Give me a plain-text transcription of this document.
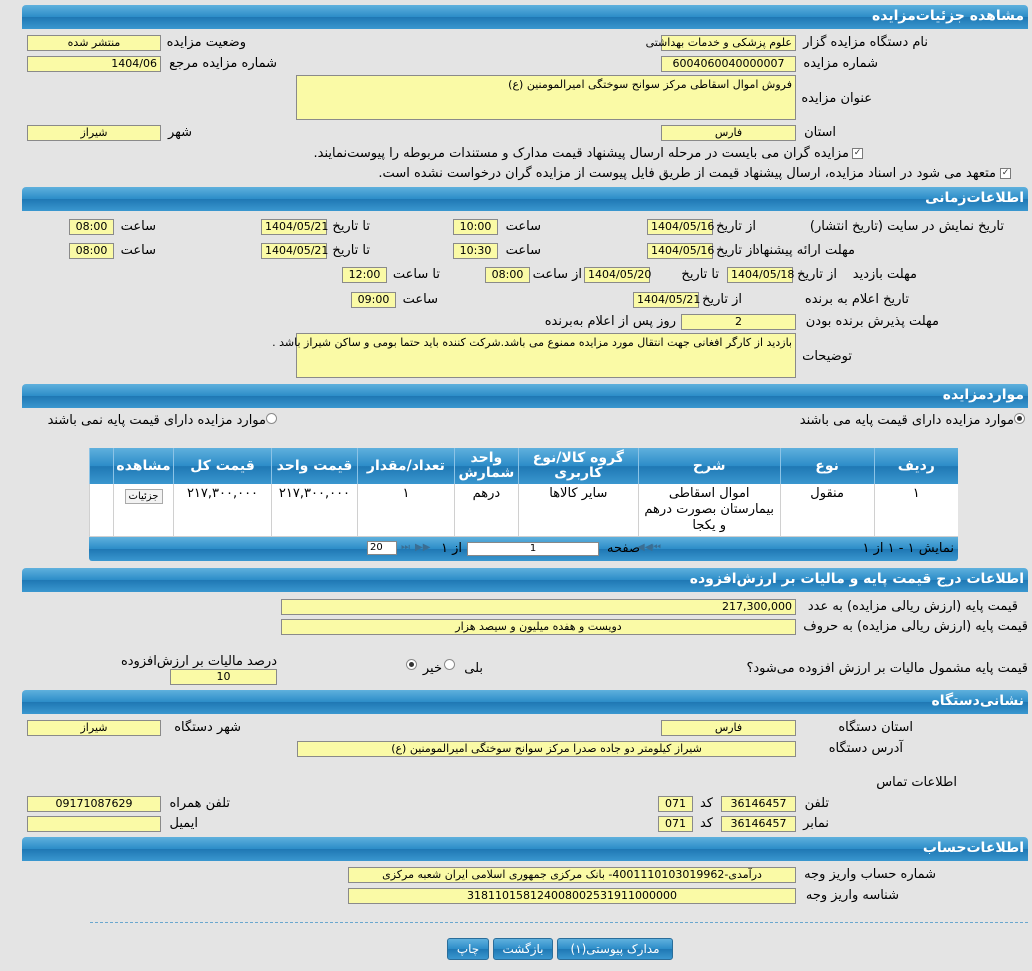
مشاهده جزئیات‌مزایده
نام دستگاه مزایده گزار
علوم پزشکی و خدمات بهداشتی
وضعیت مزایده
منتشر شده
شماره مزایده
6004060040000007
شماره مزایده مرجع
1404/06
عنوان مزایده
فروش اموال اسقاطی مرکز سوانح سوختگی امیرالمومنین (ع)
استان
فارس
شهر
شیراز
✓
مزایده گران می بایست در مرحله ارسال پیشنهاد قیمت مدارک و مستندات مربوطه را پیوست‌نمایند.
✓
متعهد می شود در اسناد مزایده، ارسال پیشنهاد قیمت از طریق فایل پیوست از مزایده گران درخواست نشده است.
اطلاعات‌زمانی
تاریخ نمایش در سایت (تاریخ انتشار)
از تاریخ
1404/05/16
ساعت
10:00
تا تاریخ
1404/05/21
ساعت
08:00
مهلت ارائه پیشنهاد
از تاریخ
1404/05/16
ساعت
10:30
تا تاریخ
1404/05/21
ساعت
08:00
مهلت بازدید
از تاریخ
1404/05/18
تا تاریخ
1404/05/20
از ساعت
08:00
تا ساعت
12:00
تاریخ اعلام به برنده
از تاریخ
1404/05/21
ساعت
09:00
مهلت پذیرش برنده بودن
2
روز پس از اعلام به‌برنده
توضیحات
بازدید از کارگر افغانی جهت انتقال مورد مزایده ممنوع می باشد.شرکت کننده باید حتما بومی و ساکن شیراز باشد .
موارد‌مزایده
موارد مزایده دارای قیمت پایه می باشند
موارد مزایده دارای قیمت پایه نمی باشند
ردیف	نوع	شرح	گروه کالا/نوع کاربری	واحد شمارش	تعداد/مقدار	قیمت واحد	قیمت کل	مشاهده	
۱	منقول	اموال اسقاطی بیمارستان بصورت درهم و یکجا	سایر کالاها	درهم	۱	۲۱۷,۳۰۰,۰۰۰	۲۱۷,۳۰۰,۰۰۰	جزئیات	
نمایش ۱ - ۱ از ۱
⏮
◀◀
صفحه
1
از ۱
▶▶
⏭
20
اطلاعات درج قیمت پایه و مالیات بر ارزش‌افزوده
قیمت پایه (ارزش ریالی مزایده) به عدد
217,300,000
قیمت پایه (ارزش ریالی مزایده) به حروف
دویست و هفده میلیون و سیصد هزار
قیمت پایه مشمول مالیات بر ارزش افزوده می‌شود؟
بلی
خیر
درصد مالیات بر ارزش‌افزوده
10
نشانی‌دستگاه
استان دستگاه
فارس
شهر دستگاه
شیراز
آدرس دستگاه
شیراز کیلومتر دو جاده صدرا مرکز سوانح سوختگی امیرالمومنین (ع)
اطلاعات تماس
تلفن
36146457
کد
071
تلفن همراه
09171087629
نمابر
36146457
کد
071
ایمیل
اطلاعات‌حساب
شماره حساب واریز وجه
درآمدی-4001110103019962- بانک مرکزی جمهوری اسلامی ایران شعبه مرکزی
شناسه واریز وجه
318110158124008002531911000000
مدارک پیوستی(۱)
بازگشت
چاپ
